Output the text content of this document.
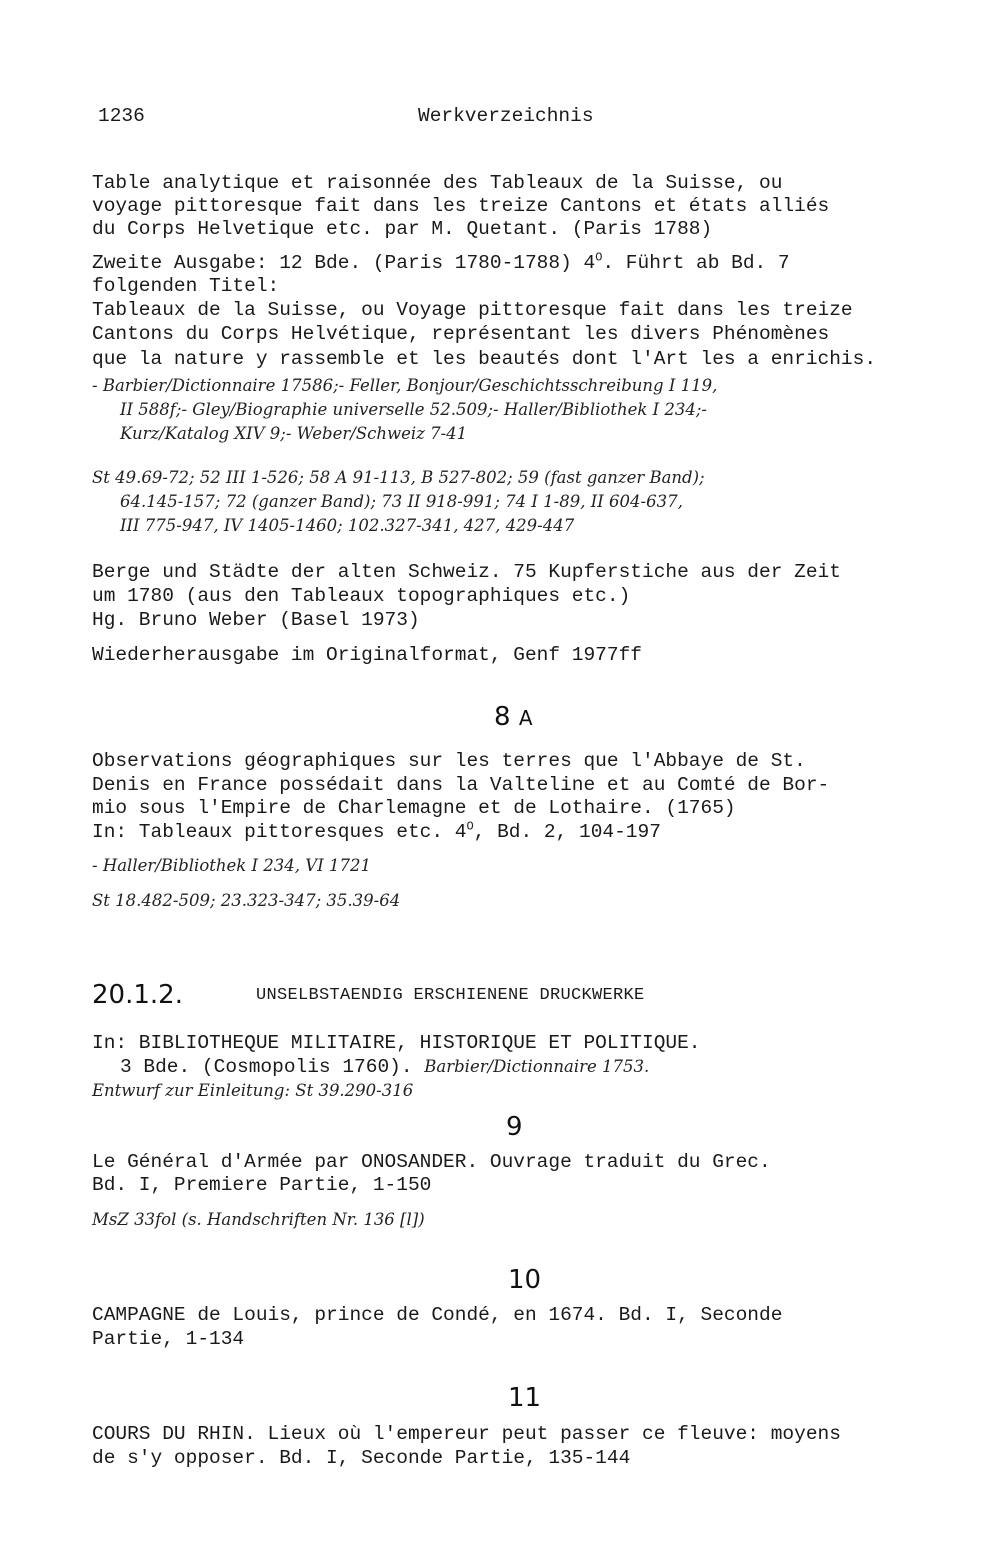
1236	Werkverzeichnis
Table analytique et raisonnée des Tableaux de la Suisse, ou
voyage pittoresque fait dans les treize Cantons et états alliés
du Corps Helvetique etc. par M. Quetant. (Paris 1788)
Zweite Ausgabe: 12 Bde. (Paris 1780-1788) $4^O$. Führt ab Bd. 7
folgenden Titel:
Tableaux de la Suisse, ou Voyage pittoresque fait dans les treize
Cantons du Corps Helvétique, représentant les divers Phénomènes
que la nature y rassemble et les beautés dont l'Art les a enrichis.
- Barbier/Dictionnaire 17586;- Feller, Bonjour/Geschichtsschreibung I 119,
II 588f;- Gley/Biographie universelle 52.509;- Haller/Bibliothek I 234;-
Kurz/Katalog XIV 9;- Weber/Schweiz 7-41
St 49.69-72; 52 III 1-526; 58 A 91-113, B 527-802; 59 (fast ganzer Band);
64.145-157; 72 (ganzer Band); 73 II 918-991; 74 I 1-89, II 604-637,
III 775-947, IV 1405-1460; 102.327-341, 427, 429-447
Berge und Städte der alten Schweiz. 75 Kupferstiche aus der Zeit
um 1780 (aus den Tableaux topographiques etc.)
Hg. Bruno Weber (Basel 1973)
Wiederherausgabe im Originalformat, Genf 1977ff
8 A
Observations géographiques sur les terres que l'Abbaye de St.
Denis en France possédait dans la Valteline et au Comté de Bor-
mio sous l'Empire de Charlemagne et de Lothaire. (1765)
In: Tableaux pittoresques etc. $4^O$, Bd. 2, 104-197
- Haller/Bibliothek I 234, VI 1721
St 18.482-509; 23.323-347; 35.39-64
20.1.2.	UNSELBSTAENDIG ERSCHIENENE DRUCKWERKE
In: BIBLIOTHEQUE MILITAIRE, HISTORIQUE ET POLITIQUE.
3 Bde. (Cosmopolis 1760). Barbier/Dictionnaire 1753.
Entwurf zur Einleitung: St 39.290-316
9
Le Général d'Armée par ONOSANDER. Ouvrage traduit du Grec.
Bd. I, Premiere Partie, 1-150
MsZ 33fol (s. Handschriften Nr. 136 [l])
10
CAMPAGNE de Louis, prince de Condé, en 1674. Bd. I, Seconde
Partie, 1-134
11
COURS DU RHIN. Lieux où l'empereur peut passer ce fleuve: moyens
de s'y opposer. Bd. I, Seconde Partie, 135-144
